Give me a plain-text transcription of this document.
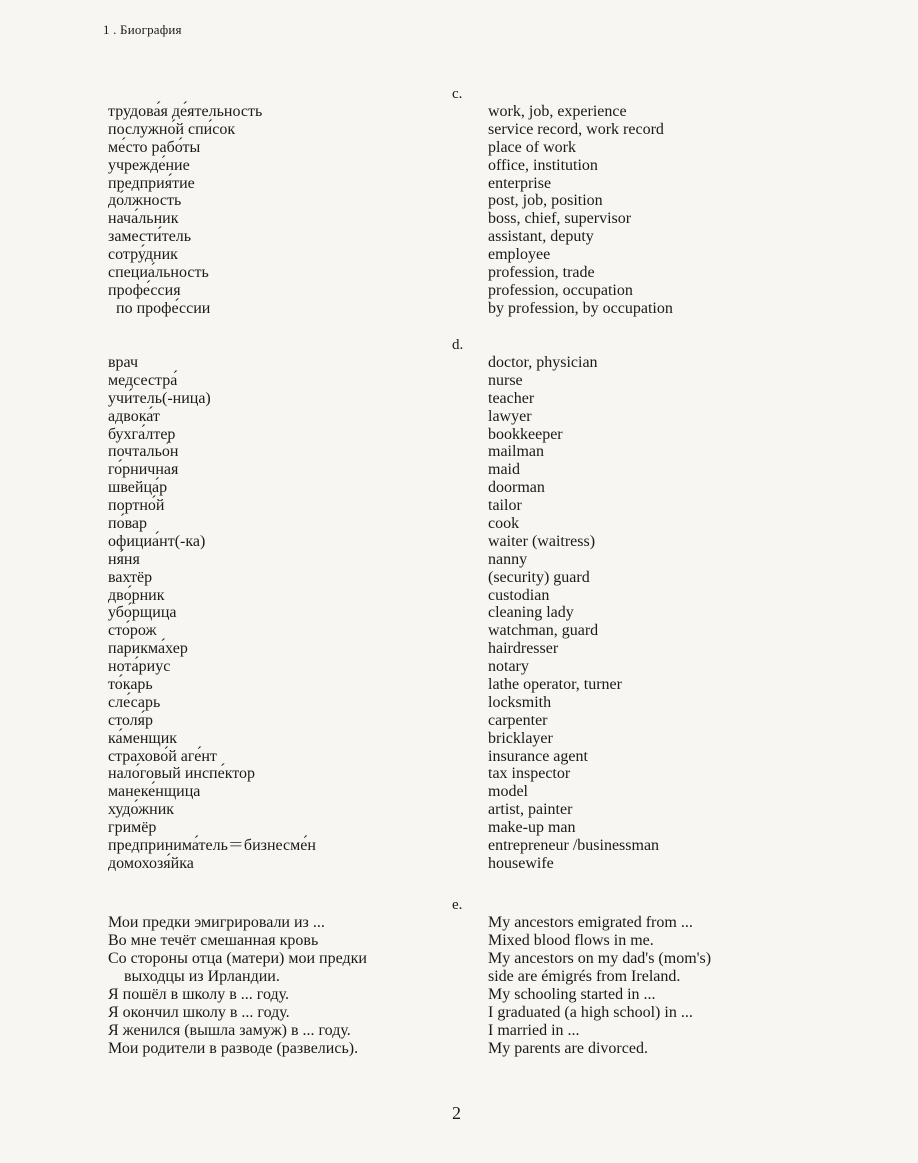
1 . Биография
c.
трудова́я де́ятельность	work, job, experience
послужно́й спи́сок	service record, work record
ме́сто рабо́ты	place of work
учрежде́ние	office, institution
предприя́тие	enterprise
до́лжность	post, job, position
нача́льник	boss, chief, supervisor
замести́тель	assistant, deputy
сотру́дник	employee
специа́льность	profession, trade
профе́ссия	profession, occupation
по профе́ссии	by profession, by occupation
d.
врач	doctor, physician
медсестра́	nurse
учи́тель(-ница)	teacher
адвока́т	lawyer
бухга́лтер	bookkeeper
почтальо́н	mailman
го́рничная	maid
швейца́р	doorman
портно́й	tailor
по́вар	cook
официа́нт(-ка)	waiter (waitress)
ня́ня	nanny
вахтёр	(security) guard
дво́рник	custodian
убо́рщица	cleaning lady
сто́рож	watchman, guard
парикма́хер	hairdresser
нота́риус	notary
то́карь	lathe operator, turner
сле́сарь	locksmith
столя́р	carpenter
ка́менщик	bricklayer
страхово́й аге́нт	insurance agent
нало́говый инспе́ктор	tax inspector
манеке́нщица	model
худо́жник	artist, painter
гримёр	make-up man
предпринима́тель＝бизнесме́н	entrepreneur /businessman
домохозя́йка	housewife
e.
Мои предки эмигрировали из ...	My ancestors emigrated from ...
Во мне течёт смешанная кровь	Mixed blood flows in me.
Со стороны отца (матери) мои предки	My ancestors on my dad's (mom's)
выходцы из Ирландии.	side are émigrés from Ireland.
Я пошёл в школу в ... году.	My schooling started in ...
Я окончил школу в ... году.	I graduated (a high school) in ...
Я женился (вышла замуж) в ... году.	I married in ...
Мои родители в разводе (развелись).	My parents are divorced.
2
